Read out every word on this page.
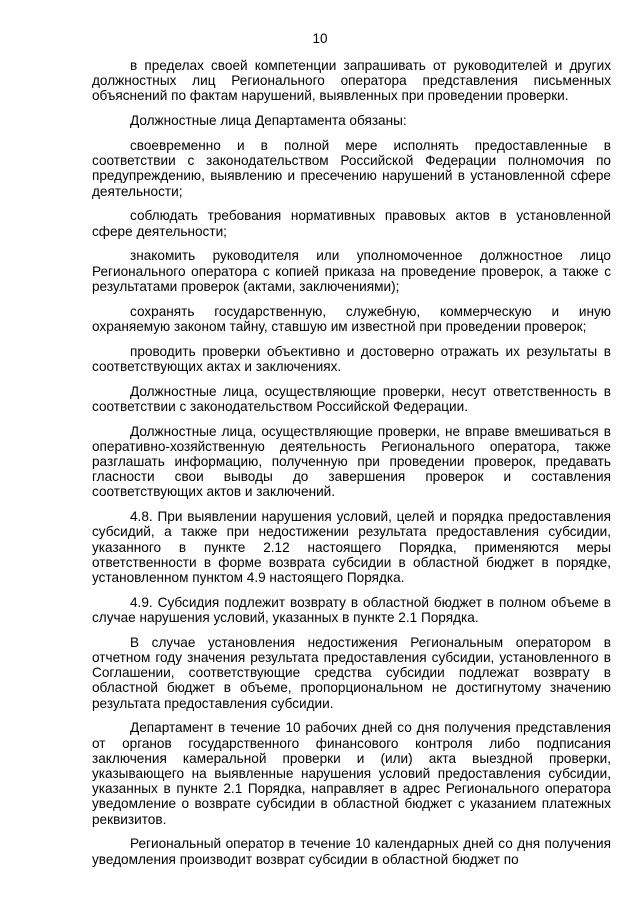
10

в пределах своей компетенции запрашивать от руководителей и других должностных лиц Регионального оператора представления письменных объяснений по фактам нарушений, выявленных при проведении проверки.

Должностные лица Департамента обязаны:

своевременно и в полной мере исполнять предоставленные в соответствии с законодательством Российской Федерации полномочия по предупреждению, выявлению и пресечению нарушений в установленной сфере деятельности;

соблюдать требования нормативных правовых актов в установленной сфере деятельности;

знакомить руководителя или уполномоченное должностное лицо Регионального оператора с копией приказа на проведение проверок, а также с результатами проверок (актами, заключениями);

сохранять государственную, служебную, коммерческую и иную охраняемую законом тайну, ставшую им известной при проведении проверок;

проводить проверки объективно и достоверно отражать их результаты в соответствующих актах и заключениях.

Должностные лица, осуществляющие проверки, несут ответственность в соответствии с законодательством Российской Федерации.

Должностные лица, осуществляющие проверки, не вправе вмешиваться в оперативно-хозяйственную деятельность Регионального оператора, также разглашать информацию, полученную при проведении проверок, предавать гласности свои выводы до завершения проверок и составления соответствующих актов и заключений.

4.8. При выявлении нарушения условий, целей и порядка предоставления субсидий, а также при недостижении результата предоставления субсидии, указанного в пункте 2.12 настоящего Порядка, применяются меры ответственности в форме возврата субсидии в областной бюджет в порядке, установленном пунктом 4.9 настоящего Порядка.

4.9. Субсидия подлежит возврату в областной бюджет в полном объеме в случае нарушения условий, указанных в пункте 2.1 Порядка.

В случае установления недостижения Региональным оператором в отчетном году значения результата предоставления субсидии, установленного в Соглашении, соответствующие средства субсидии подлежат возврату в областной бюджет в объеме, пропорциональном не достигнутому значению результата предоставления субсидии.

Департамент в течение 10 рабочих дней со дня получения представления от органов государственного финансового контроля либо подписания заключения камеральной проверки и (или) акта выездной проверки, указывающего на выявленные нарушения условий предоставления субсидии, указанных в пункте 2.1 Порядка, направляет в адрес Регионального оператора уведомление о возврате субсидии в областной бюджет с указанием платежных реквизитов.

Региональный оператор в течение 10 календарных дней со дня получения уведомления производит возврат субсидии в областной бюджет по
